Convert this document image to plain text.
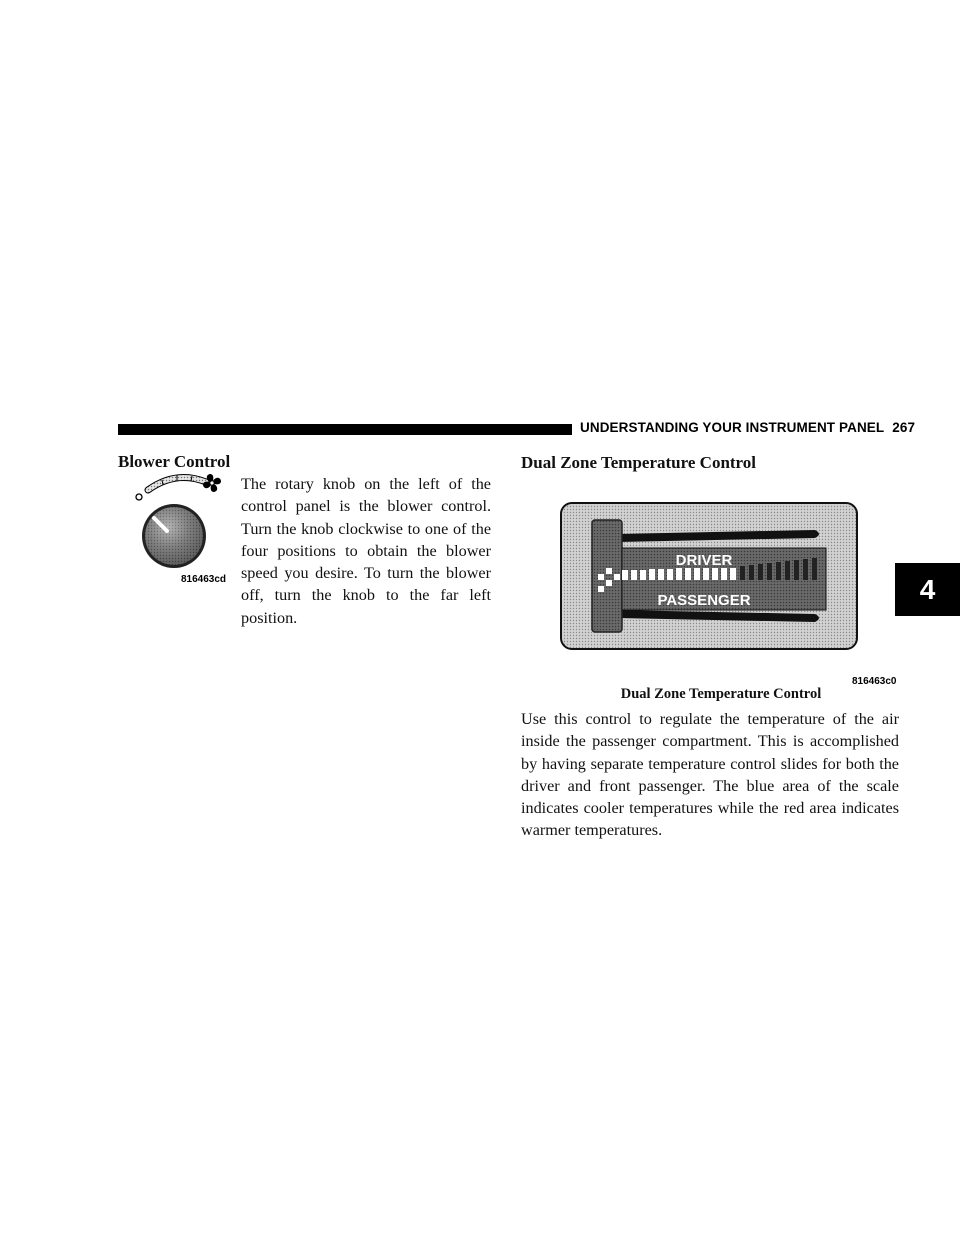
UNDERSTANDING YOUR INSTRUMENT PANEL 267
4
Blower Control
816463cd

The rotary knob on the left of the control panel is the blower control. Turn the knob clockwise to one of the four positions to obtain the blower speed you desire. To turn the blower off, turn the knob to the far left position.

Dual Zone Temperature Control
DRIVER
PASSENGER
816463c0
Dual Zone Temperature Control

Use this control to regulate the temperature of the air inside the passenger compartment. This is accomplished by having separate temperature control slides for both the driver and front passenger. The blue area of the scale indicates cooler temperatures while the red area indicates warmer temperatures.
